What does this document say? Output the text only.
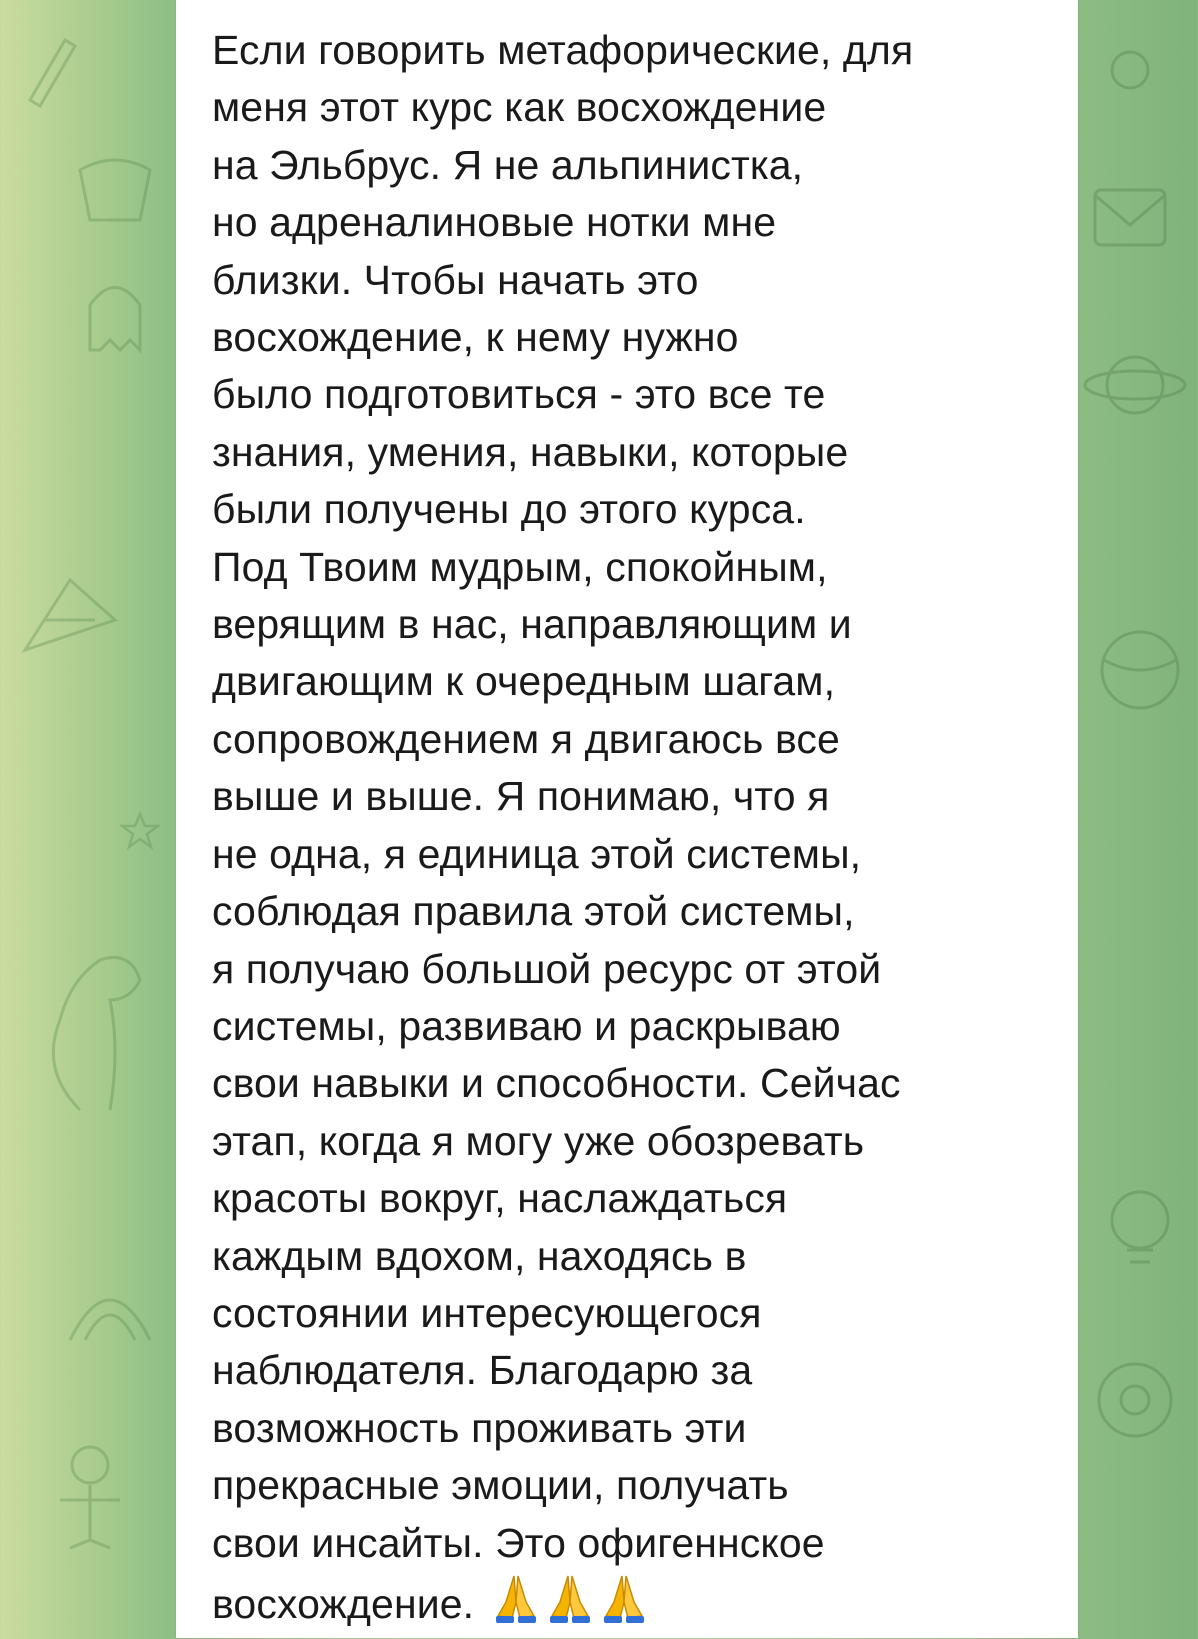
Если говорить метафорические, для
меня этот курс как восхождение
на Эльбрус. Я не альпинистка,
но адреналиновые нотки мне
близки. Чтобы начать это
восхождение, к нему нужно
было подготовиться - это все те
знания, умения, навыки, которые
были получены до этого курса.
Под Твоим мудрым, спокойным,
верящим в нас, направляющим и
двигающим к очередным шагам,
сопровождением я двигаюсь все
выше и выше. Я понимаю, что я
не одна, я единица этой системы,
соблюдая правила этой системы,
я получаю большой ресурс от этой
системы, развиваю и раскрываю
свои навыки и способности. Сейчас
этап, когда я могу уже обозревать
красоты вокруг, наслаждаться
каждым вдохом, находясь в
состоянии интересующегося
наблюдателя. Благодарю за
возможность проживать эти
прекрасные эмоции, получать
свои инсайты. Это офигеннское
восхождение.
